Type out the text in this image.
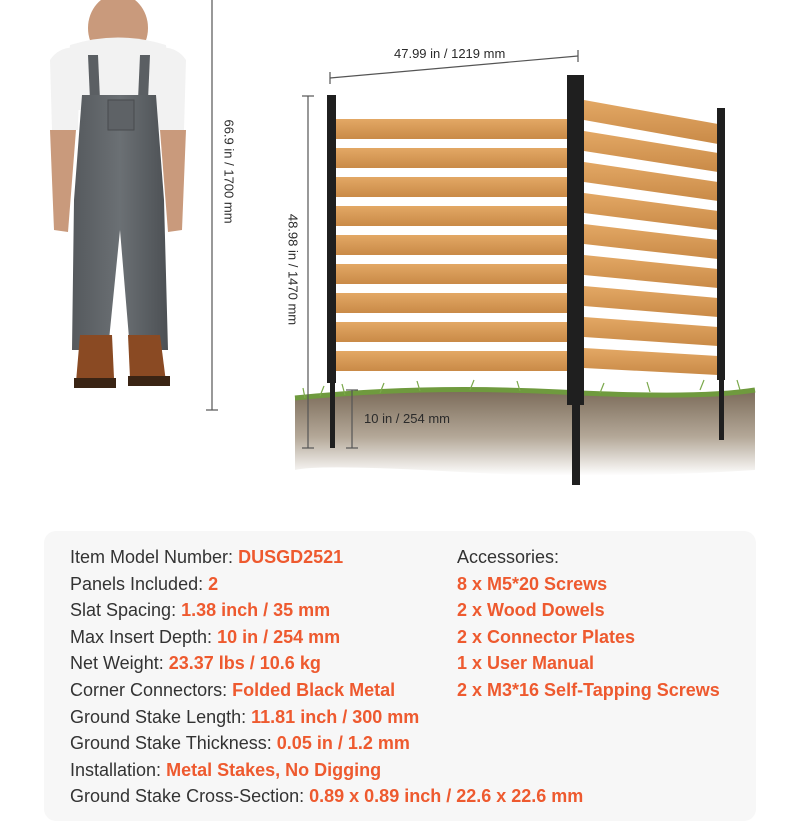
47.99 in / 1219 mm
48.98 in / 1470 mm
66.9 in / 1700 mm
10 in / 254 mm
Item Model Number: DUSGD2521
Panels Included: 2
Slat Spacing: 1.38 inch / 35 mm
Max Insert Depth: 10 in / 254 mm
Net Weight: 23.37 lbs / 10.6 kg
Corner Connectors: Folded Black Metal
Ground Stake Length: 11.81 inch / 300 mm
Ground Stake Thickness: 0.05 in / 1.2 mm
Installation: Metal Stakes, No Digging
Ground Stake Cross-Section: 0.89 x 0.89 inch / 22.6 x 22.6 mm
Accessories:
8 x M5*20 Screws
2 x Wood Dowels
2 x Connector Plates
1 x User Manual
2 x M3*16 Self-Tapping Screws
